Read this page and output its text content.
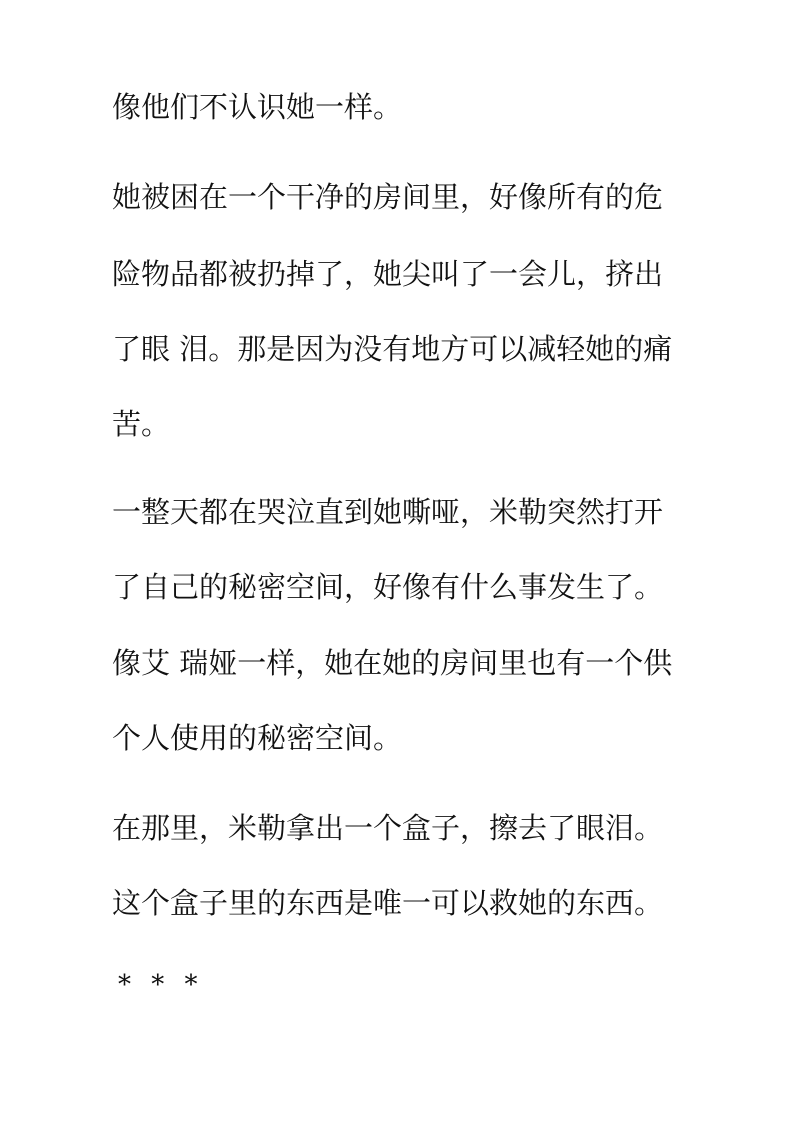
像他们不认识她一样。

她被困在一个干净的房间里，好像所有的危

险物品都被扔掉了，她尖叫了一会儿，挤出

了眼 泪。那是因为没有地方可以减轻她的痛

苦。

一整天都在哭泣直到她嘶哑，米勒突然打开

了自己的秘密空间，好像有什么事发生了。

像艾 瑞娅一样，她在她的房间里也有一个供

个人使用的秘密空间。

在那里，米勒拿出一个盒子，擦去了眼泪。

这个盒子里的东西是唯一可以救她的东西。

* * *
